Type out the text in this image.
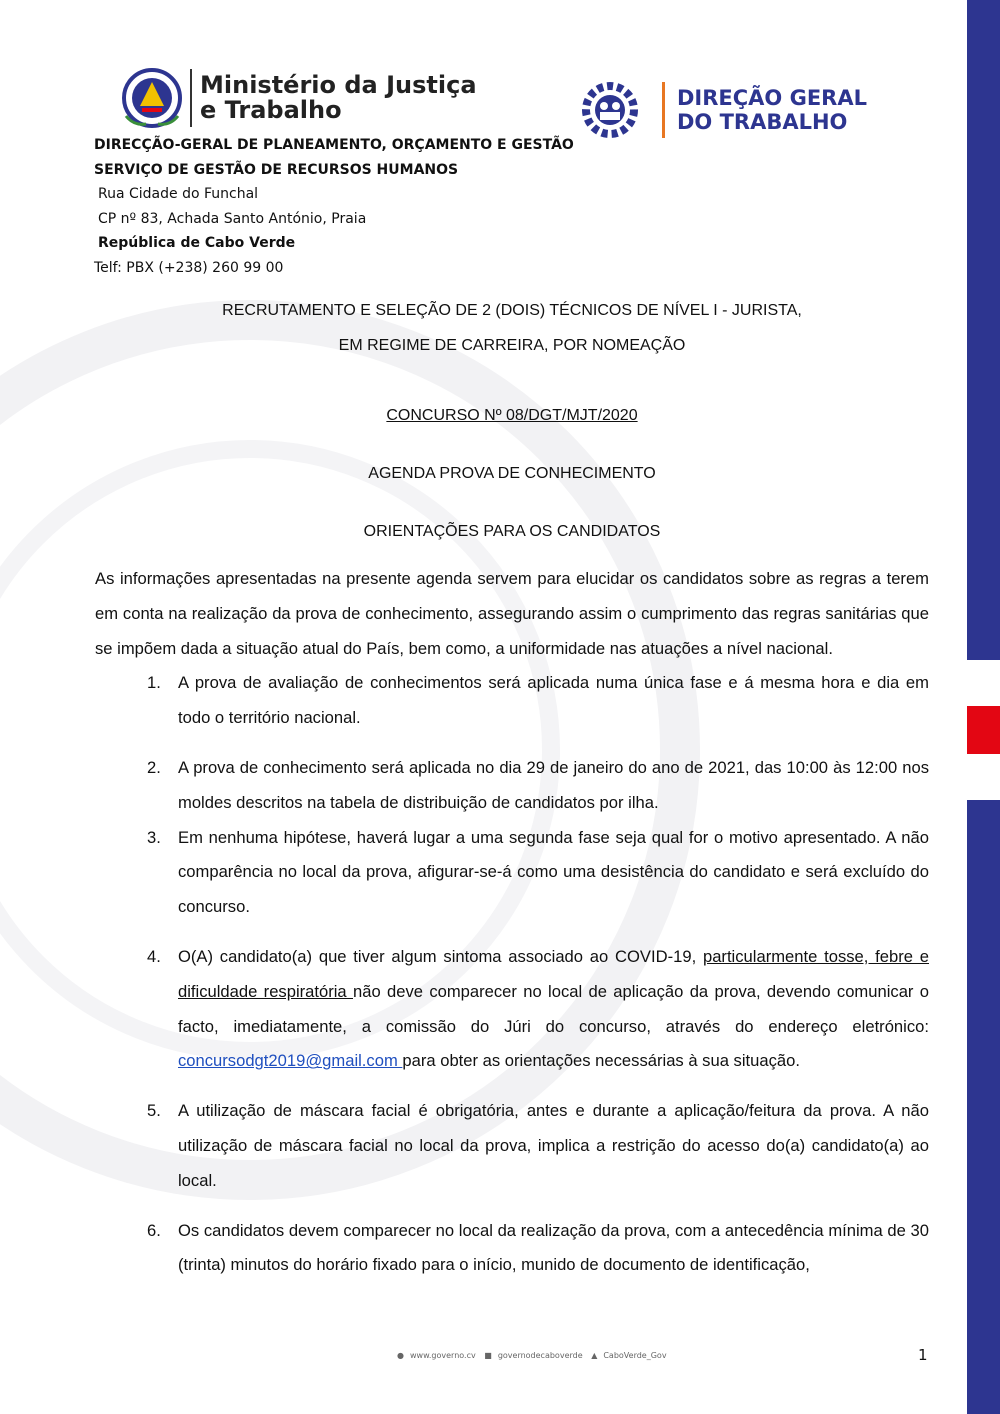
Ministério da Justiça
e Trabalho	DIREÇÃO GERAL
DO TRABALHO
DIRECÇÃO-GERAL DE PLANEAMENTO, ORÇAMENTO E GESTÃO
SERVIÇO DE GESTÃO DE RECURSOS HUMANOS
Rua Cidade do Funchal
CP nº 83, Achada Santo António, Praia
República de Cabo Verde
Telf: PBX (+238) 260 99 00
RECRUTAMENTO E SELEÇÃO DE 2 (DOIS) TÉCNICOS DE NÍVEL I - JURISTA,
EM REGIME DE CARREIRA, POR NOMEAÇÃO
CONCURSO Nº 08/DGT/MJT/2020
AGENDA PROVA DE CONHECIMENTO
ORIENTAÇÕES PARA OS CANDIDATOS
As informações apresentadas na presente agenda servem para elucidar os candidatos sobre as regras a terem em conta na realização da prova de conhecimento, assegurando assim o cumprimento das regras sanitárias que se impõem dada a situação atual do País, bem como, a uniformidade nas atuações a nível nacional.
1. A prova de avaliação de conhecimentos será aplicada numa única fase e á mesma hora e dia em todo o território nacional.
2. A prova de conhecimento será aplicada no dia 29 de janeiro do ano de 2021, das 10:00 às 12:00 nos moldes descritos na tabela de distribuição de candidatos por ilha.
3. Em nenhuma hipótese, haverá lugar a uma segunda fase seja qual for o motivo apresentado. A não comparência no local da prova, afigurar-se-á como uma desistência do candidato e será excluído do concurso.
4. O(A) candidato(a) que tiver algum sintoma associado ao COVID-19, particularmente tosse, febre e dificuldade respiratória não deve comparecer no local de aplicação da prova, devendo comunicar o facto, imediatamente, a comissão do Júri do concurso, através do endereço eletrónico: concursodgt2019@gmail.com para obter as orientações necessárias à sua situação.
5. A utilização de máscara facial é obrigatória, antes e durante a aplicação/feitura da prova. A não utilização de máscara facial no local da prova, implica a restrição do acesso do(a) candidato(a) ao local.
6. Os candidatos devem comparecer no local da realização da prova, com a antecedência mínima de 30 (trinta) minutos do horário fixado para o início, munido de documento de identificação,
● www.governo.cv ■ governodecaboverde ▲ CaboVerde_Gov	1
